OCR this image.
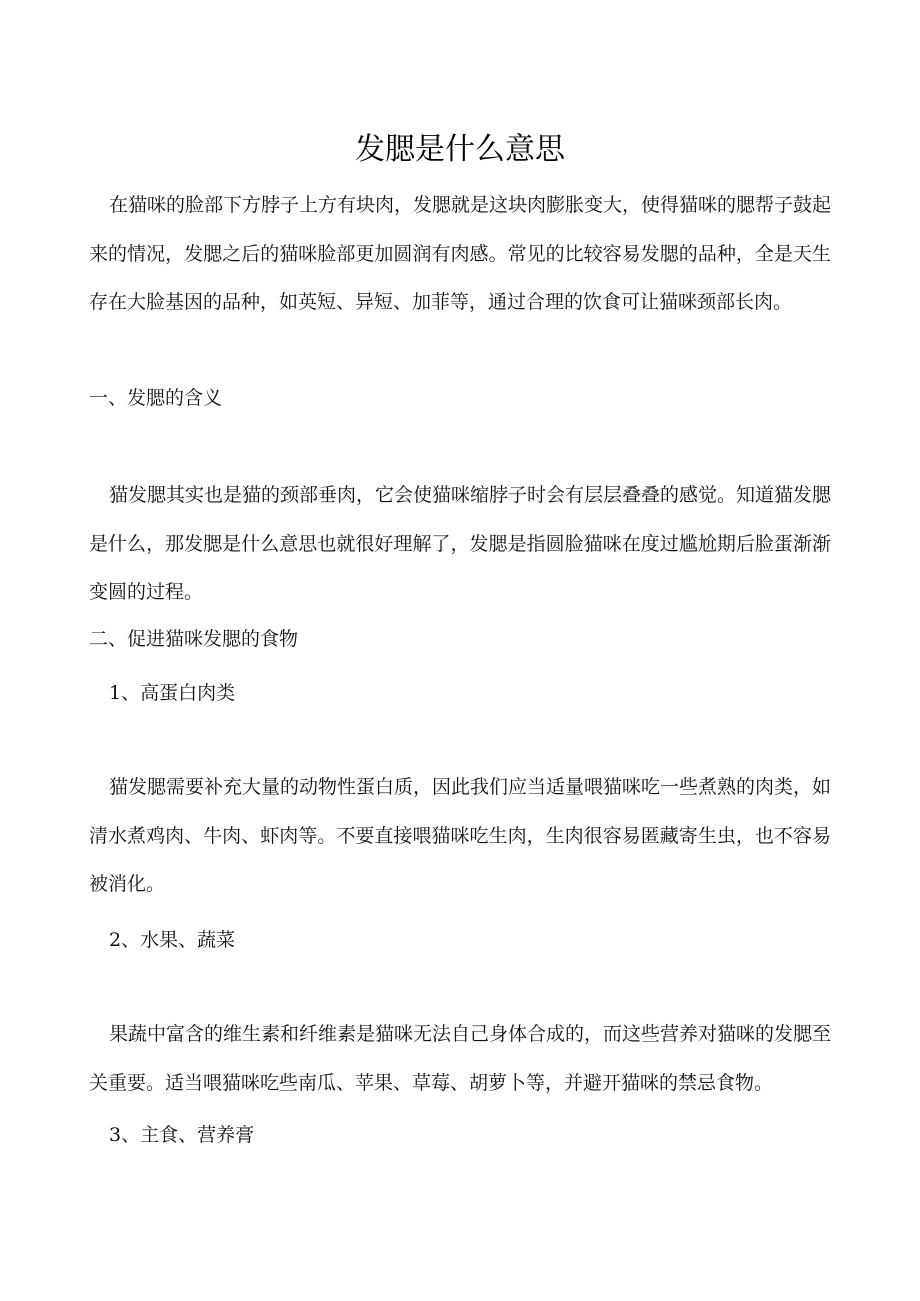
发腮是什么意思

在猫咪的脸部下方脖子上方有块肉，发腮就是这块肉膨胀变大，使得猫咪的腮帮子鼓起来的情况，发腮之后的猫咪脸部更加圆润有肉感。常见的比较容易发腮的品种，全是天生存在大脸基因的品种，如英短、异短、加菲等，通过合理的饮食可让猫咪颈部长肉。

一、发腮的含义

猫发腮其实也是猫的颈部垂肉，它会使猫咪缩脖子时会有层层叠叠的感觉。知道猫发腮是什么，那发腮是什么意思也就很好理解了，发腮是指圆脸猫咪在度过尴尬期后脸蛋渐渐变圆的过程。

二、促进猫咪发腮的食物

1、高蛋白肉类

猫发腮需要补充大量的动物性蛋白质，因此我们应当适量喂猫咪吃一些煮熟的肉类，如清水煮鸡肉、牛肉、虾肉等。不要直接喂猫咪吃生肉，生肉很容易匿藏寄生虫，也不容易被消化。

2、水果、蔬菜

果蔬中富含的维生素和纤维素是猫咪无法自己身体合成的，而这些营养对猫咪的发腮至关重要。适当喂猫咪吃些南瓜、苹果、草莓、胡萝卜等，并避开猫咪的禁忌食物。

3、主食、营养膏
